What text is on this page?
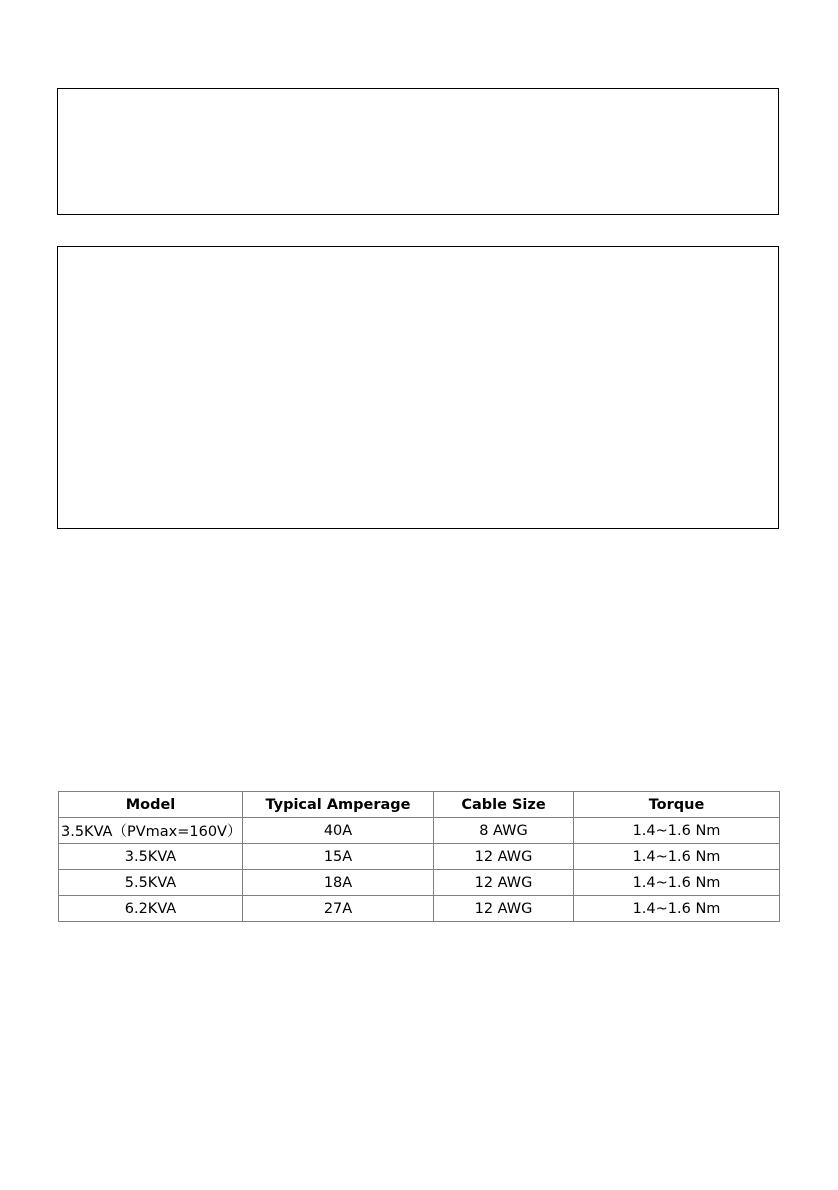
Model	Typical Amperage	Cable Size	Torque
3.5KVA（PVmax=160V）	40A	8 AWG	1.4~1.6 Nm
3.5KVA	15A	12 AWG	1.4~1.6 Nm
5.5KVA	18A	12 AWG	1.4~1.6 Nm
6.2KVA	27A	12 AWG	1.4~1.6 Nm
